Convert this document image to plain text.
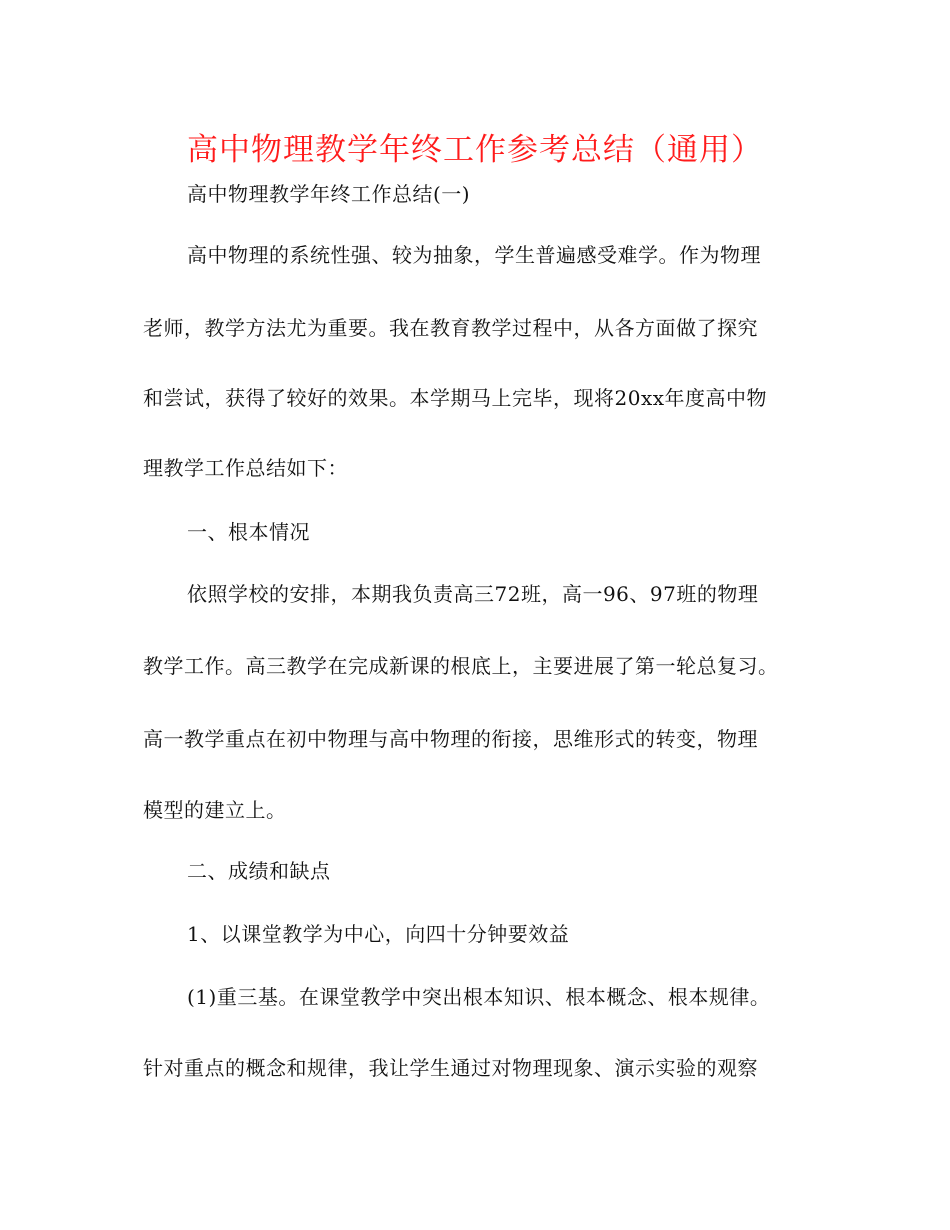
高中物理教学年终工作参考总结（通用）
高中物理教学年终工作总结(一)
高中物理的系统性强、较为抽象，学生普遍感受难学。作为物理
老师，教学方法尤为重要。我在教育教学过程中，从各方面做了探究
和尝试，获得了较好的效果。本学期马上完毕，现将20xx年度高中物
理教学工作总结如下：
一、根本情况
依照学校的安排，本期我负责高三72班，高一96、97班的物理
教学工作。高三教学在完成新课的根底上，主要进展了第一轮总复习。
高一教学重点在初中物理与高中物理的衔接，思维形式的转变，物理
模型的建立上。
二、成绩和缺点
1、以课堂教学为中心，向四十分钟要效益
(1)重三基。在课堂教学中突出根本知识、根本概念、根本规律。
针对重点的概念和规律，我让学生通过对物理现象、演示实验的观察
